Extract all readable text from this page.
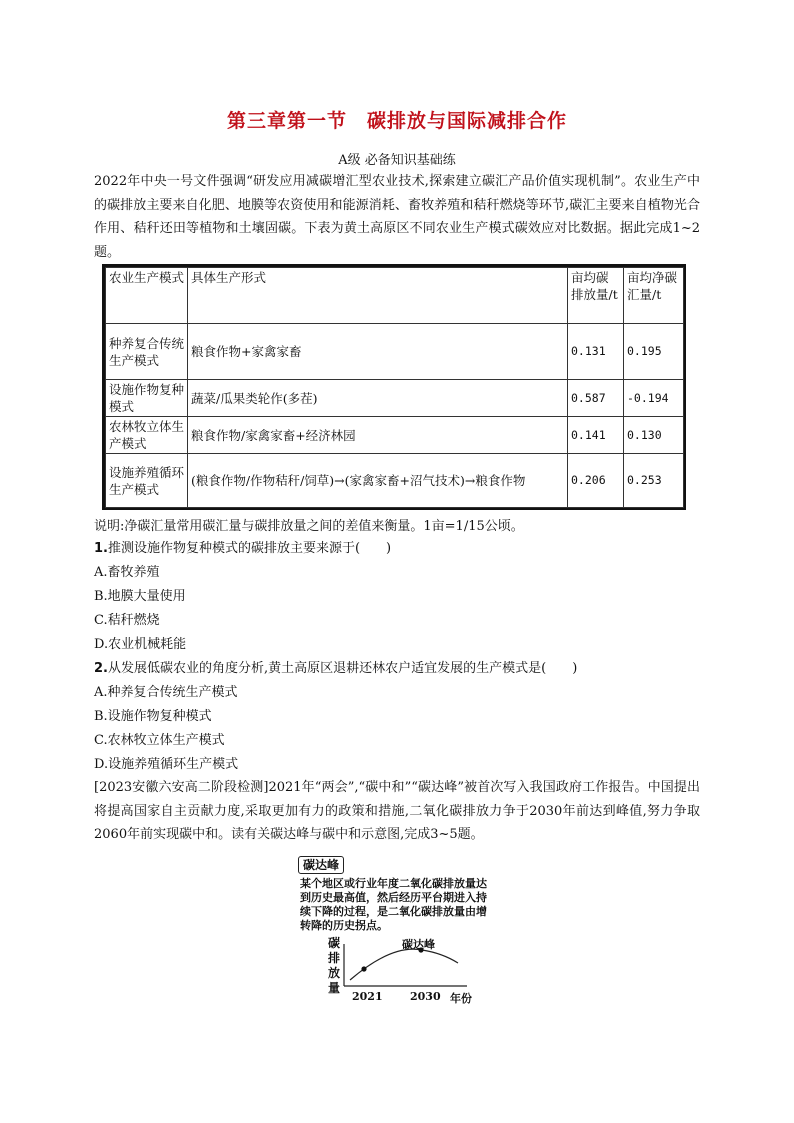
第三章第一节　碳排放与国际减排合作
A级 必备知识基础练

2022年中央一号文件强调“研发应用减碳增汇型农业技术,探索建立碳汇产品价值实现机制”。农业生产中的碳排放主要来自化肥、地膜等农资使用和能源消耗、畜牧养殖和秸秆燃烧等环节,碳汇主要来自植物光合作用、秸秆还田等植物和土壤固碳。下表为黄土高原区不同农业生产模式碳效应对比数据。据此完成1~2题。

农业生产模式	具体生产形式	亩均碳排放量/t	亩均净碳汇量/t
种养复合传统生产模式	粮食作物+家禽家畜	0.131	0.195
设施作物复种模式	蔬菜/瓜果类轮作(多茬)	0.587	-0.194
农林牧立体生产模式	粮食作物/家禽家畜+经济林园	0.141	0.130
设施养殖循环生产模式	(粮食作物/作物秸秆/饲草)→(家禽家畜+沼气技术)→粮食作物	0.206	0.253
说明:净碳汇量常用碳汇量与碳排放量之间的差值来衡量。1亩=1/15公顷。
1.推测设施作物复种模式的碳排放主要来源于(　　)
A.畜牧养殖
B.地膜大量使用
C.秸秆燃烧
D.农业机械耗能
2.从发展低碳农业的角度分析,黄土高原区退耕还林农户适宜发展的生产模式是(　　)
A.种养复合传统生产模式
B.设施作物复种模式
C.农林牧立体生产模式
D.设施养殖循环生产模式

[2023安徽六安高二阶段检测]2021年“两会”,“碳中和”“碳达峰”被首次写入我国政府工作报告。中国提出将提高国家自主贡献力度,采取更加有力的政策和措施,二氧化碳排放力争于2030年前达到峰值,努力争取2060年前实现碳中和。读有关碳达峰与碳中和示意图,完成3~5题。

碳达峰
某个地区或行业年度二氧化碳排放量达到历史最高值，然后经历平台期进入持续下降的过程，是二氧化碳排放量由增转降的历史拐点。
碳排放量
碳达峰
2021 2030 年份
